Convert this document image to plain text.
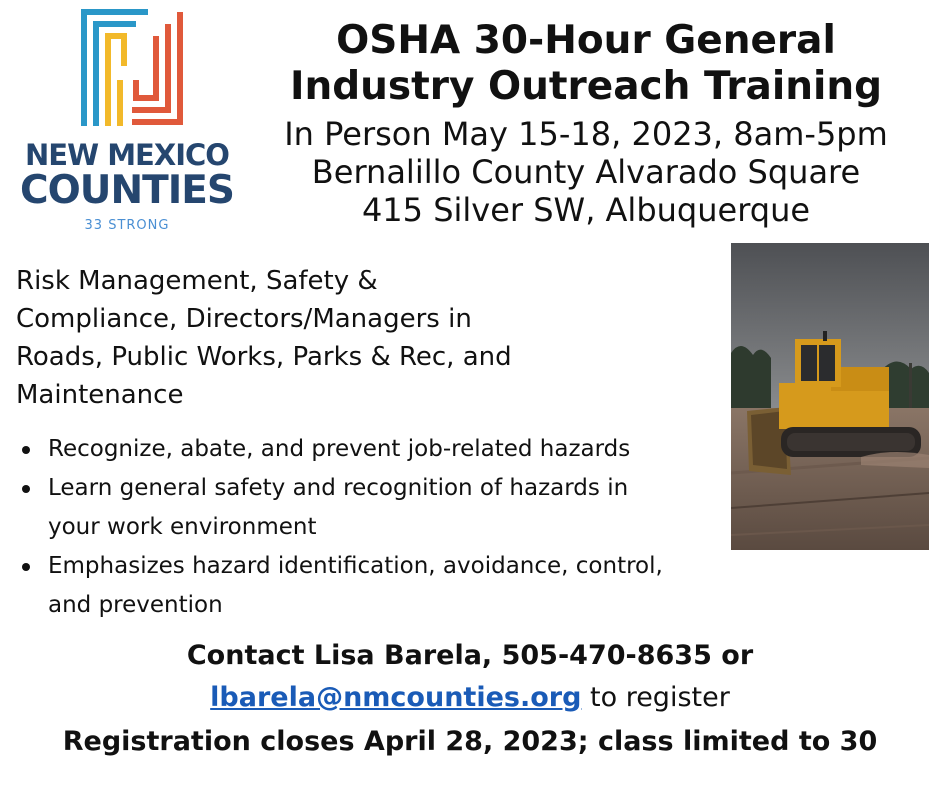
NEW MEXICO
COUNTIES
33 STRONG
OSHA 30-Hour General
Industry Outreach Training
In Person May 15-18, 2023, 8am-5pm
Bernalillo County Alvarado Square
415 Silver SW, Albuquerque
Risk Management, Safety &
Compliance, Directors/Managers in
Roads, Public Works, Parks & Rec, and
Maintenance
Recognize, abate, and prevent job-related hazards
Learn general safety and recognition of hazards in
your work environment
Emphasizes hazard identification, avoidance, control,
and prevention
Contact Lisa Barela, 505-470-8635 or
lbarela@nmcounties.org to register
Registration closes April 28, 2023; class limited to 30
